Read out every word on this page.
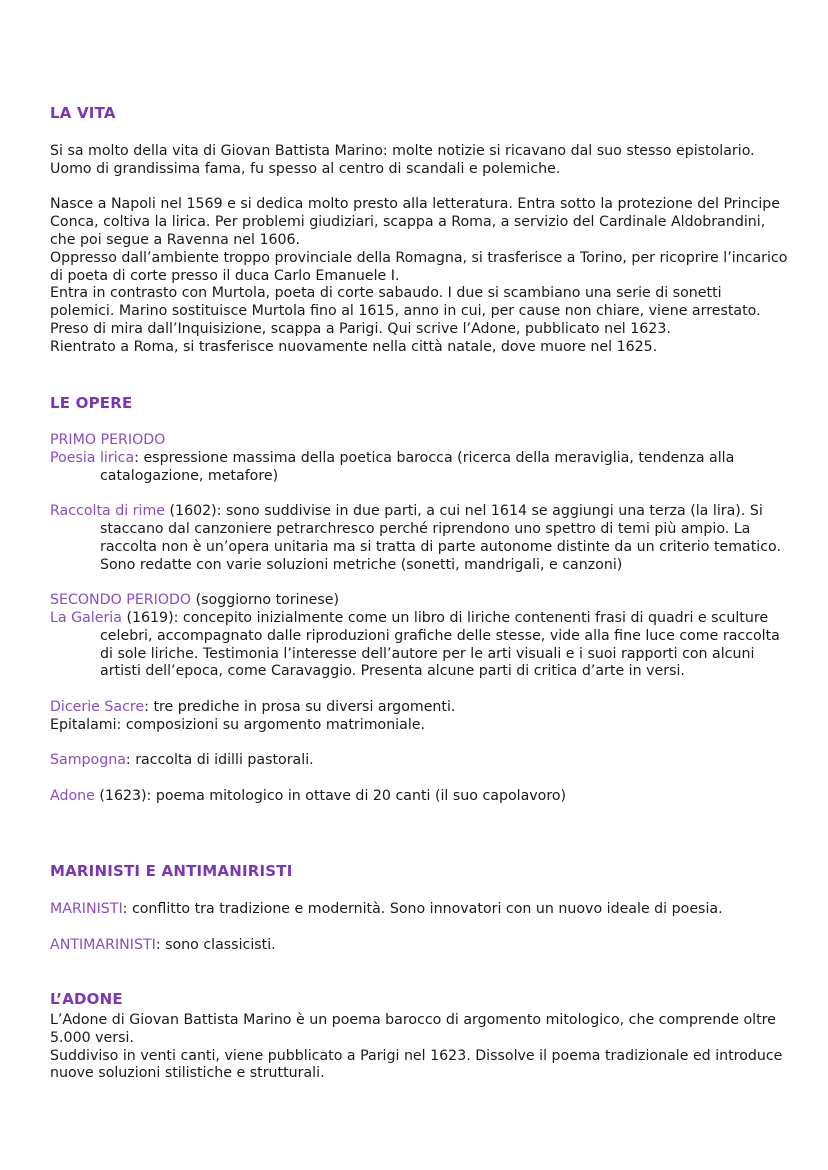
LA VITA

Si sa molto della vita di Giovan Battista Marino: molte notizie si ricavano dal suo stesso epistolario. Uomo di grandissima fama, fu spesso al centro di scandali e polemiche.

Nasce a Napoli nel 1569 e si dedica molto presto alla letteratura. Entra sotto la protezione del Principe Conca, coltiva la lirica. Per problemi giudiziari, scappa a Roma, a servizio del Cardinale Aldobrandini, che poi segue a Ravenna nel 1606.

Oppresso dall’ambiente troppo provinciale della Romagna, si trasferisce a Torino, per ricoprire l’incarico di poeta di corte presso il duca Carlo Emanuele I.

Entra in contrasto con Murtola, poeta di corte sabaudo. I due si scambiano una serie di sonetti polemici. Marino sostituisce Murtola fino al 1615, anno in cui, per cause non chiare, viene arrestato.

Preso di mira dall’Inquisizione, scappa a Parigi. Qui scrive l’Adone, pubblicato nel 1623.

Rientrato a Roma, si trasferisce nuovamente nella città natale, dove muore nel 1625.

LE OPERE

PRIMO PERIODO

Poesia lirica: espressione massima della poetica barocca (ricerca della meraviglia, tendenza alla catalogazione, metafore)

Raccolta di rime (1602): sono suddivise in due parti, a cui nel 1614 se aggiungi una terza (la lira). Si staccano dal canzoniere petrarchresco perché riprendono uno spettro di temi più ampio. La raccolta non è un’opera unitaria ma si tratta di parte autonome distinte da un criterio tematico. Sono redatte con varie soluzioni metriche (sonetti, mandrigali, e canzoni)

SECONDO PERIODO (soggiorno torinese)

La Galeria (1619): concepito inizialmente come un libro di liriche contenenti frasi di quadri e sculture celebri, accompagnato dalle riproduzioni grafiche delle stesse, vide alla fine luce come raccolta di sole liriche. Testimonia l’interesse dell’autore per le arti visuali e i suoi rapporti con alcuni artisti dell’epoca, come Caravaggio. Presenta alcune parti di critica d’arte in versi.

Dicerie Sacre: tre prediche in prosa su diversi argomenti.

Epitalami: composizioni su argomento matrimoniale.

Sampogna: raccolta di idilli pastorali.

Adone (1623): poema mitologico in ottave di 20 canti (il suo capolavoro)

MARINISTI E ANTIMANIRISTI

MARINISTI: conflitto tra tradizione e modernità. Sono innovatori con un nuovo ideale di poesia.

ANTIMARINISTI: sono classicisti.

L’ADONE

L’Adone di Giovan Battista Marino è un poema barocco di argomento mitologico, che comprende oltre 5.000 versi.

Suddiviso in venti canti, viene pubblicato a Parigi nel 1623. Dissolve il poema tradizionale ed introduce nuove soluzioni stilistiche e strutturali.
